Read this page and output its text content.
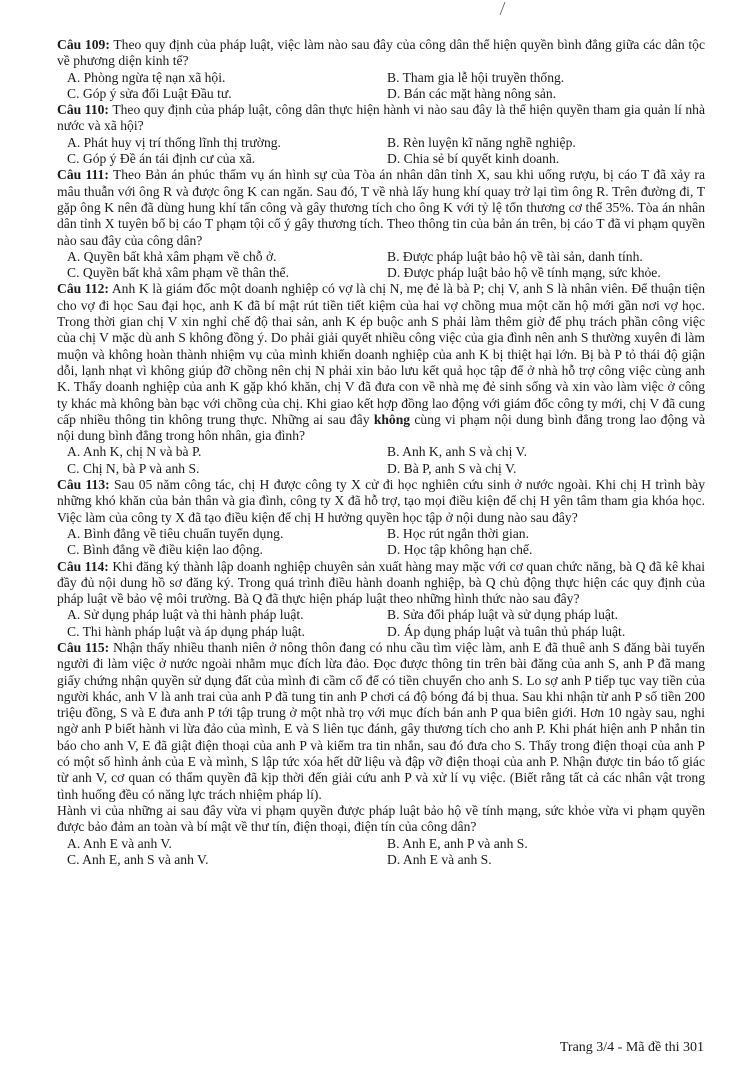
Câu 109: Theo quy định của pháp luật, việc làm nào sau đây của công dân thể hiện quyền bình đẳng giữa các dân tộc về phương diện kinh tế?

A. Phòng ngừa tệ nạn xã hội.	B. Tham gia lễ hội truyền thống.
C. Góp ý sửa đổi Luật Đầu tư.	D. Bán các mặt hàng nông sản.

Câu 110: Theo quy định của pháp luật, công dân thực hiện hành vi nào sau đây là thể hiện quyền tham gia quản lí nhà nước và xã hội?

A. Phát huy vị trí thống lĩnh thị trường.	B. Rèn luyện kĩ năng nghề nghiệp.
C. Góp ý Đề án tái định cư của xã.	D. Chia sẻ bí quyết kinh doanh.

Câu 111: Theo Bản án phúc thẩm vụ án hình sự của Tòa án nhân dân tỉnh X, sau khi uống rượu, bị cáo T đã xảy ra mâu thuẫn với ông R và được ông K can ngăn. Sau đó, T về nhà lấy hung khí quay trở lại tìm ông R. Trên đường đi, T gặp ông K nên đã dùng hung khí tấn công và gây thương tích cho ông K với tỷ lệ tổn thương cơ thể 35%. Tòa án nhân dân tỉnh X tuyên bố bị cáo T phạm tội cố ý gây thương tích. Theo thông tin của bản án trên, bị cáo T đã vi phạm quyền nào sau đây của công dân?

A. Quyền bất khả xâm phạm về chỗ ở.	B. Được pháp luật bảo hộ về tài sản, danh tính.
C. Quyền bất khả xâm phạm về thân thể.	D. Được pháp luật bảo hộ về tính mạng, sức khỏe.

Câu 112: Anh K là giám đốc một doanh nghiệp có vợ là chị N, mẹ đẻ là bà P; chị V, anh S là nhân viên. Để thuận tiện cho vợ đi học Sau đại học, anh K đã bí mật rút tiền tiết kiệm của hai vợ chồng mua một căn hộ mới gần nơi vợ học. Trong thời gian chị V xin nghỉ chế độ thai sản, anh K ép buộc anh S phải làm thêm giờ để phụ trách phần công việc của chị V mặc dù anh S không đồng ý. Do phải giải quyết nhiều công việc của gia đình nên anh S thường xuyên đi làm muộn và không hoàn thành nhiệm vụ của mình khiến doanh nghiệp của anh K bị thiệt hại lớn. Bị bà P tỏ thái độ giận dỗi, lạnh nhạt vì không giúp đỡ chồng nên chị N phải xin bảo lưu kết quả học tập để ở nhà hỗ trợ công việc cùng anh K. Thấy doanh nghiệp của anh K gặp khó khăn, chị V đã đưa con về nhà mẹ đẻ sinh sống và xin vào làm việc ở công ty khác mà không bàn bạc với chồng của chị. Khi giao kết hợp đồng lao động với giám đốc công ty mới, chị V đã cung cấp nhiều thông tin không trung thực. Những ai sau đây không cùng vi phạm nội dung bình đẳng trong lao động và nội dung bình đẳng trong hôn nhân, gia đình?

A. Anh K, chị N và bà P.	B. Anh K, anh S và chị V.
C. Chị N, bà P và anh S.	D. Bà P, anh S và chị V.

Câu 113: Sau 05 năm công tác, chị H được công ty X cử đi học nghiên cứu sinh ở nước ngoài. Khi chị H trình bày những khó khăn của bản thân và gia đình, công ty X đã hỗ trợ, tạo mọi điều kiện để chị H yên tâm tham gia khóa học. Việc làm của công ty X đã tạo điều kiện để chị H hưởng quyền học tập ở nội dung nào sau đây?

A. Bình đẳng về tiêu chuẩn tuyển dụng.	B. Học rút ngắn thời gian.
C. Bình đẳng về điều kiện lao động.	D. Học tập không hạn chế.

Câu 114: Khi đăng ký thành lập doanh nghiệp chuyên sản xuất hàng may mặc với cơ quan chức năng, bà Q đã kê khai đầy đủ nội dung hồ sơ đăng ký. Trong quá trình điều hành doanh nghiệp, bà Q chủ động thực hiện các quy định của pháp luật về bảo vệ môi trường. Bà Q đã thực hiện pháp luật theo những hình thức nào sau đây?

A. Sử dụng pháp luật và thi hành pháp luật.	B. Sửa đổi pháp luật và sử dụng pháp luật.
C. Thi hành pháp luật và áp dụng pháp luật.	D. Áp dụng pháp luật và tuân thủ pháp luật.

Câu 115: Nhận thấy nhiều thanh niên ở nông thôn đang có nhu cầu tìm việc làm, anh E đã thuê anh S đăng bài tuyển người đi làm việc ở nước ngoài nhằm mục đích lừa đảo. Đọc được thông tin trên bài đăng của anh S, anh P đã mang giấy chứng nhận quyền sử dụng đất của mình đi cầm cố để có tiền chuyển cho anh S. Lo sợ anh P tiếp tục vay tiền của người khác, anh V là anh trai của anh P đã tung tin anh P chơi cá độ bóng đá bị thua. Sau khi nhận từ anh P số tiền 200 triệu đồng, S và E đưa anh P tới tập trung ở một nhà trọ với mục đích bán anh P qua biên giới. Hơn 10 ngày sau, nghi ngờ anh P biết hành vi lừa đảo của mình, E và S liên tục đánh, gây thương tích cho anh P. Khi phát hiện anh P nhắn tin báo cho anh V, E đã giật điện thoại của anh P và kiểm tra tin nhắn, sau đó đưa cho S. Thấy trong điện thoại của anh P có một số hình ảnh của E và mình, S lập tức xóa hết dữ liệu và đập vỡ điện thoại của anh P. Nhận được tin báo tố giác từ anh V, cơ quan có thẩm quyền đã kịp thời đến giải cứu anh P và xử lí vụ việc. (Biết rằng tất cả các nhân vật trong tình huống đều có năng lực trách nhiệm pháp lí).

Hành vi của những ai sau đây vừa vi phạm quyền được pháp luật bảo hộ về tính mạng, sức khỏe vừa vi phạm quyền được bảo đảm an toàn và bí mật về thư tín, điện thoại, điện tín của công dân?

A. Anh E và anh V.	B. Anh E, anh P và anh S.
C. Anh E, anh S và anh V.	D. Anh E và anh S.
Trang 3/4 - Mã đề thi 301
